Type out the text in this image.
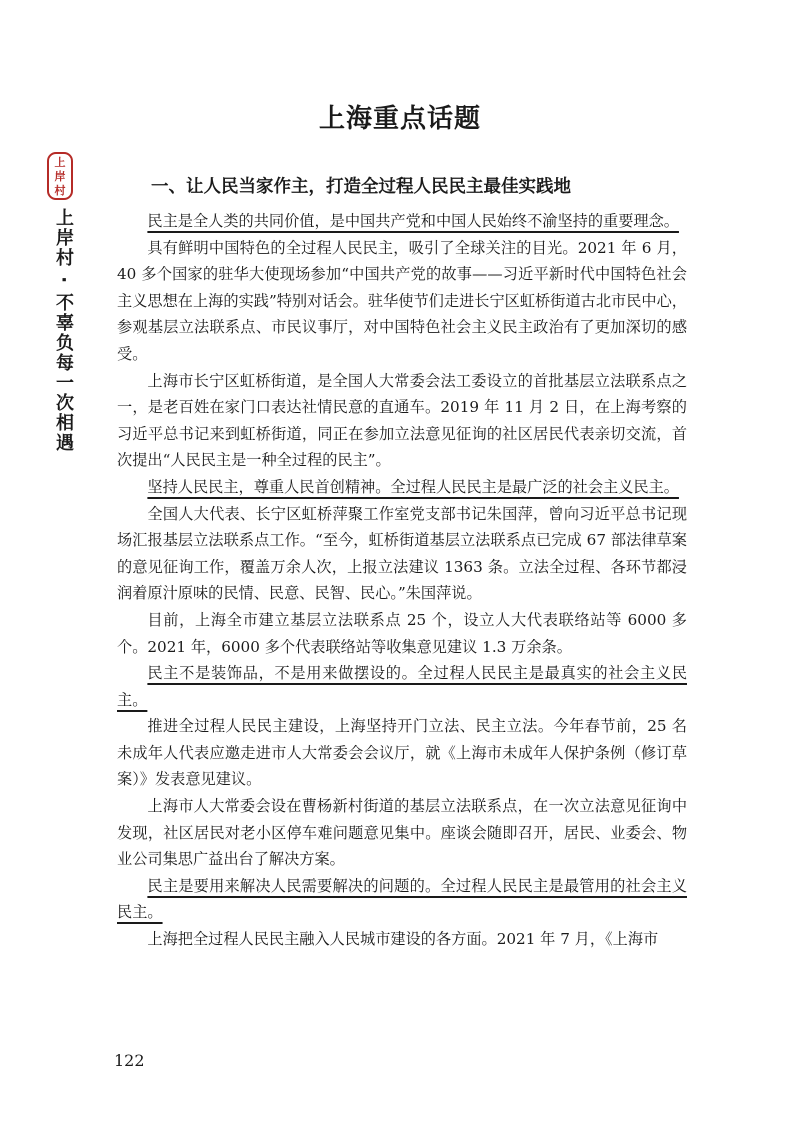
上海重点话题
上
岸
村
上岸村 · 不辜负每一次相遇
一、让人民当家作主，打造全过程人民民主最佳实践地

民主是全人类的共同价值，是中国共产党和中国人民始终不渝坚持的重要理念。

具有鲜明中国特色的全过程人民民主，吸引了全球关注的目光。2021 年 6 月，40 多个国家的驻华大使现场参加“中国共产党的故事——习近平新时代中国特色社会主义思想在上海的实践”特别对话会。驻华使节们走进长宁区虹桥街道古北市民中心，参观基层立法联系点、市民议事厅，对中国特色社会主义民主政治有了更加深切的感受。

上海市长宁区虹桥街道，是全国人大常委会法工委设立的首批基层立法联系点之一，是老百姓在家门口表达社情民意的直通车。2019 年 11 月 2 日，在上海考察的习近平总书记来到虹桥街道，同正在参加立法意见征询的社区居民代表亲切交流，首次提出“人民民主是一种全过程的民主”。

坚持人民民主，尊重人民首创精神。全过程人民民主是最广泛的社会主义民主。

全国人大代表、长宁区虹桥萍聚工作室党支部书记朱国萍，曾向习近平总书记现场汇报基层立法联系点工作。“至今，虹桥街道基层立法联系点已完成 67 部法律草案的意见征询工作，覆盖万余人次，上报立法建议 1363 条。立法全过程、各环节都浸润着原汁原味的民情、民意、民智、民心。”朱国萍说。

目前，上海全市建立基层立法联系点 25 个，设立人大代表联络站等 6000 多个。2021 年，6000 多个代表联络站等收集意见建议 1.3 万余条。

民主不是装饰品，不是用来做摆设的。全过程人民民主是最真实的社会主义民主。

推进全过程人民民主建设，上海坚持开门立法、民主立法。今年春节前，25 名未成年人代表应邀走进市人大常委会会议厅，就《上海市未成年人保护条例（修订草案）》发表意见建议。

上海市人大常委会设在曹杨新村街道的基层立法联系点，在一次立法意见征询中发现，社区居民对老小区停车难问题意见集中。座谈会随即召开，居民、业委会、物业公司集思广益出台了解决方案。

民主是要用来解决人民需要解决的问题的。全过程人民民主是最管用的社会主义民主。

上海把全过程人民民主融入人民城市建设的各方面。2021 年 7 月，《上海市

122
